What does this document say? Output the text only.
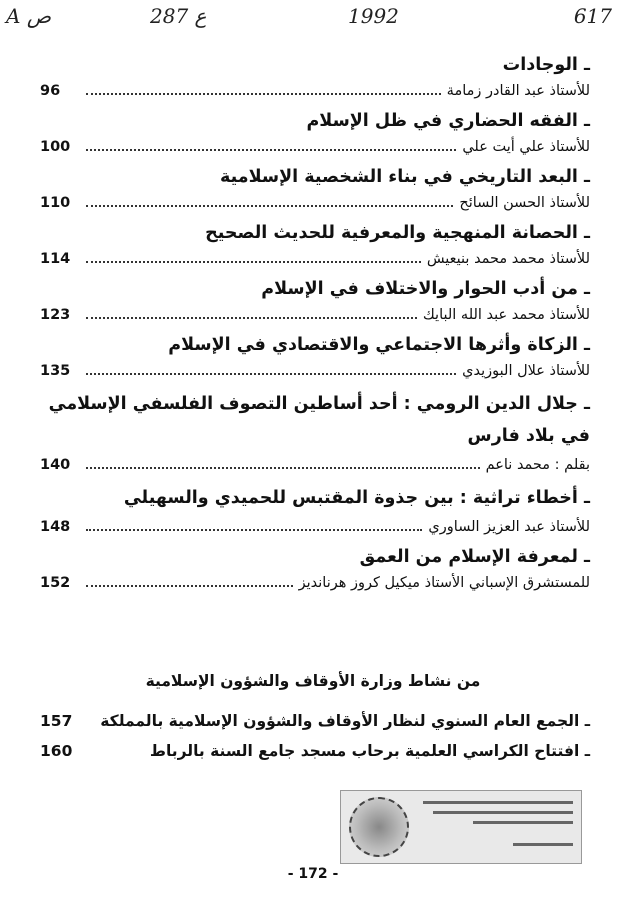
A ص	ع 287	1992	617
ـ الوجادات
للأستاذ عبد القادر زمامة
96
ـ الفقه الحضاري في ظل الإسلام
للأستاذ علي أيت علي
100
ـ البعد التاريخي في بناء الشخصية الإسلامية
للأستاذ الحسن السائح
110
ـ الحصانة المنهجية والمعرفية للحديث الصحيح
للأستاذ محمد محمد بنيعيش
114
ـ من أدب الحوار والاختلاف في الإسلام
للأستاذ محمد عبد الله البايك
123
ـ الزكاة وأثرها الاجتماعي والاقتصادي في الإسلام
للأستاذ علال البوزيدي
135
ـ جلال الدين الرومي : أحد أساطين التصوف الفلسفي الإسلامي في بلاد فارس
بقلم : محمد ناعم
140
ـ أخطاء تراثية : بين جذوة المقتبس للحميدي والسهيلي
للأستاذ عبد العزيز الساوري
148
ـ لمعرفة الإسلام من العمق
للمستشرق الإسباني الأستاذ ميكيل كروز هرنانديز
152
من نشاط وزارة الأوقاف والشؤون الإسلامية
ـ الجمع العام السنوي لنظار الأوقاف والشؤون الإسلامية بالمملكة
157
ـ افتتاح الكراسي العلمية برحاب مسجد جامع السنة بالرباط
160
- 172 -
